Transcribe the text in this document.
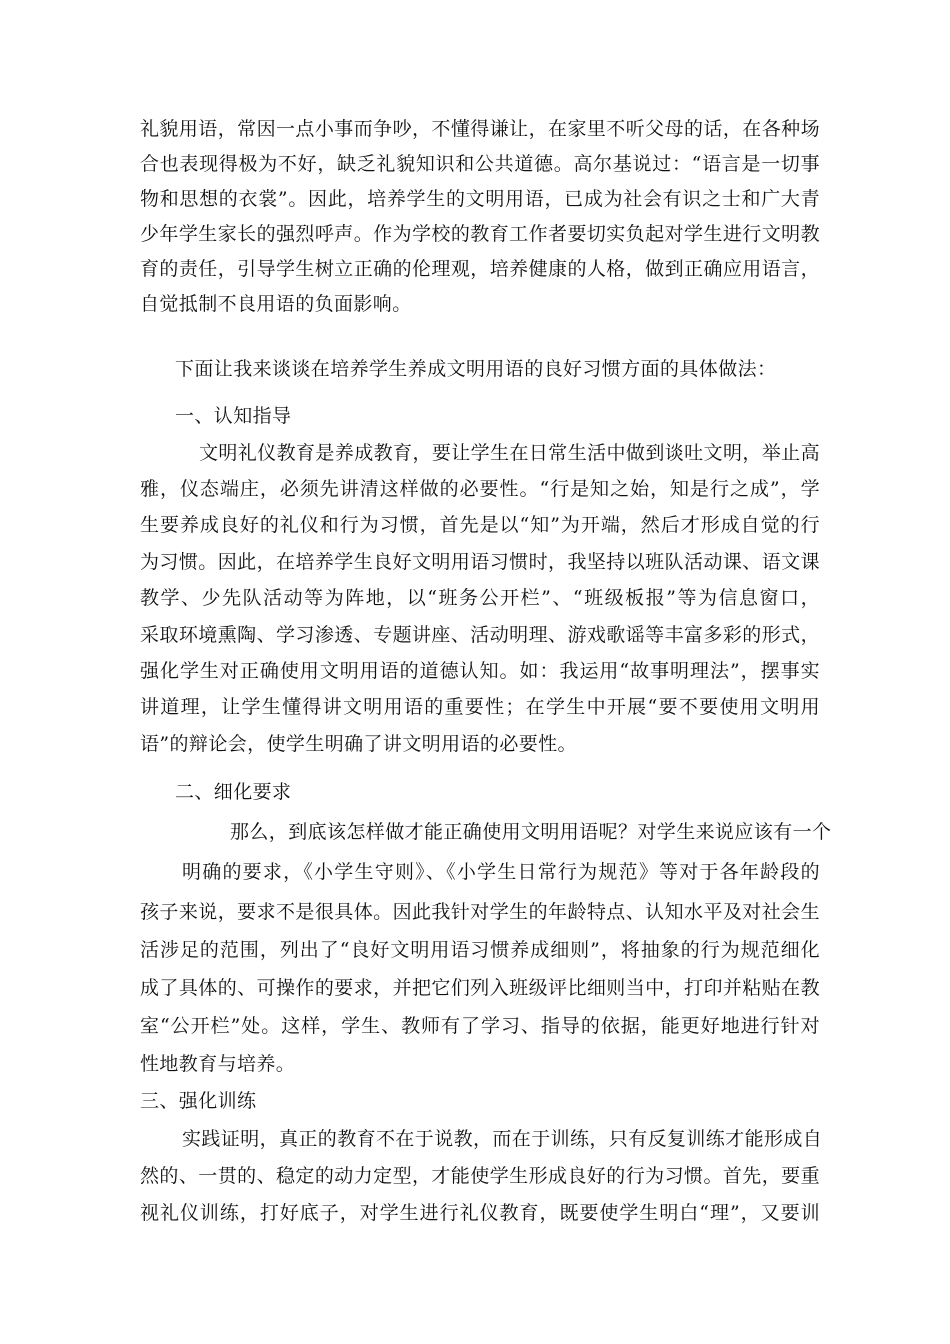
礼貌用语，常因一点小事而争吵，不懂得谦让，在家里不听父母的话，在各种场
合也表现得极为不好，缺乏礼貌知识和公共道德。高尔基说过：“语言是一切事
物和思想的衣裳”。因此，培养学生的文明用语，已成为社会有识之士和广大青
少年学生家长的强烈呼声。作为学校的教育工作者要切实负起对学生进行文明教
育的责任，引导学生树立正确的伦理观，培养健康的人格，做到正确应用语言，
自觉抵制不良用语的负面影响。
下面让我来谈谈在培养学生养成文明用语的良好习惯方面的具体做法：
一、认知指导
文明礼仪教育是养成教育，要让学生在日常生活中做到谈吐文明，举止高
雅，仪态端庄，必须先讲清这样做的必要性。“行是知之始，知是行之成”，学
生要养成良好的礼仪和行为习惯，首先是以“知”为开端，然后才形成自觉的行
为习惯。因此，在培养学生良好文明用语习惯时，我坚持以班队活动课、语文课
教学、少先队活动等为阵地，以“班务公开栏”、“班级板报”等为信息窗口，
采取环境熏陶、学习渗透、专题讲座、活动明理、游戏歌谣等丰富多彩的形式，
强化学生对正确使用文明用语的道德认知。如：我运用“故事明理法”，摆事实
讲道理，让学生懂得讲文明用语的重要性；在学生中开展“要不要使用文明用
语”的辩论会，使学生明确了讲文明用语的必要性。
二、细化要求
那么，到底该怎样做才能正确使用文明用语呢？对学生来说应该有一个
明确的要求，《小学生守则》、《小学生日常行为规范》等对于各年龄段的
孩子来说，要求不是很具体。因此我针对学生的年龄特点、认知水平及对社会生
活涉足的范围，列出了“良好文明用语习惯养成细则”，将抽象的行为规范细化
成了具体的、可操作的要求，并把它们列入班级评比细则当中，打印并粘贴在教
室“公开栏”处。这样，学生、教师有了学习、指导的依据，能更好地进行针对
性地教育与培养。
三、强化训练
实践证明，真正的教育不在于说教，而在于训练，只有反复训练才能形成自
然的、一贯的、稳定的动力定型，才能使学生形成良好的行为习惯。首先，要重
视礼仪训练，打好底子，对学生进行礼仪教育，既要使学生明白“理”，又要训
